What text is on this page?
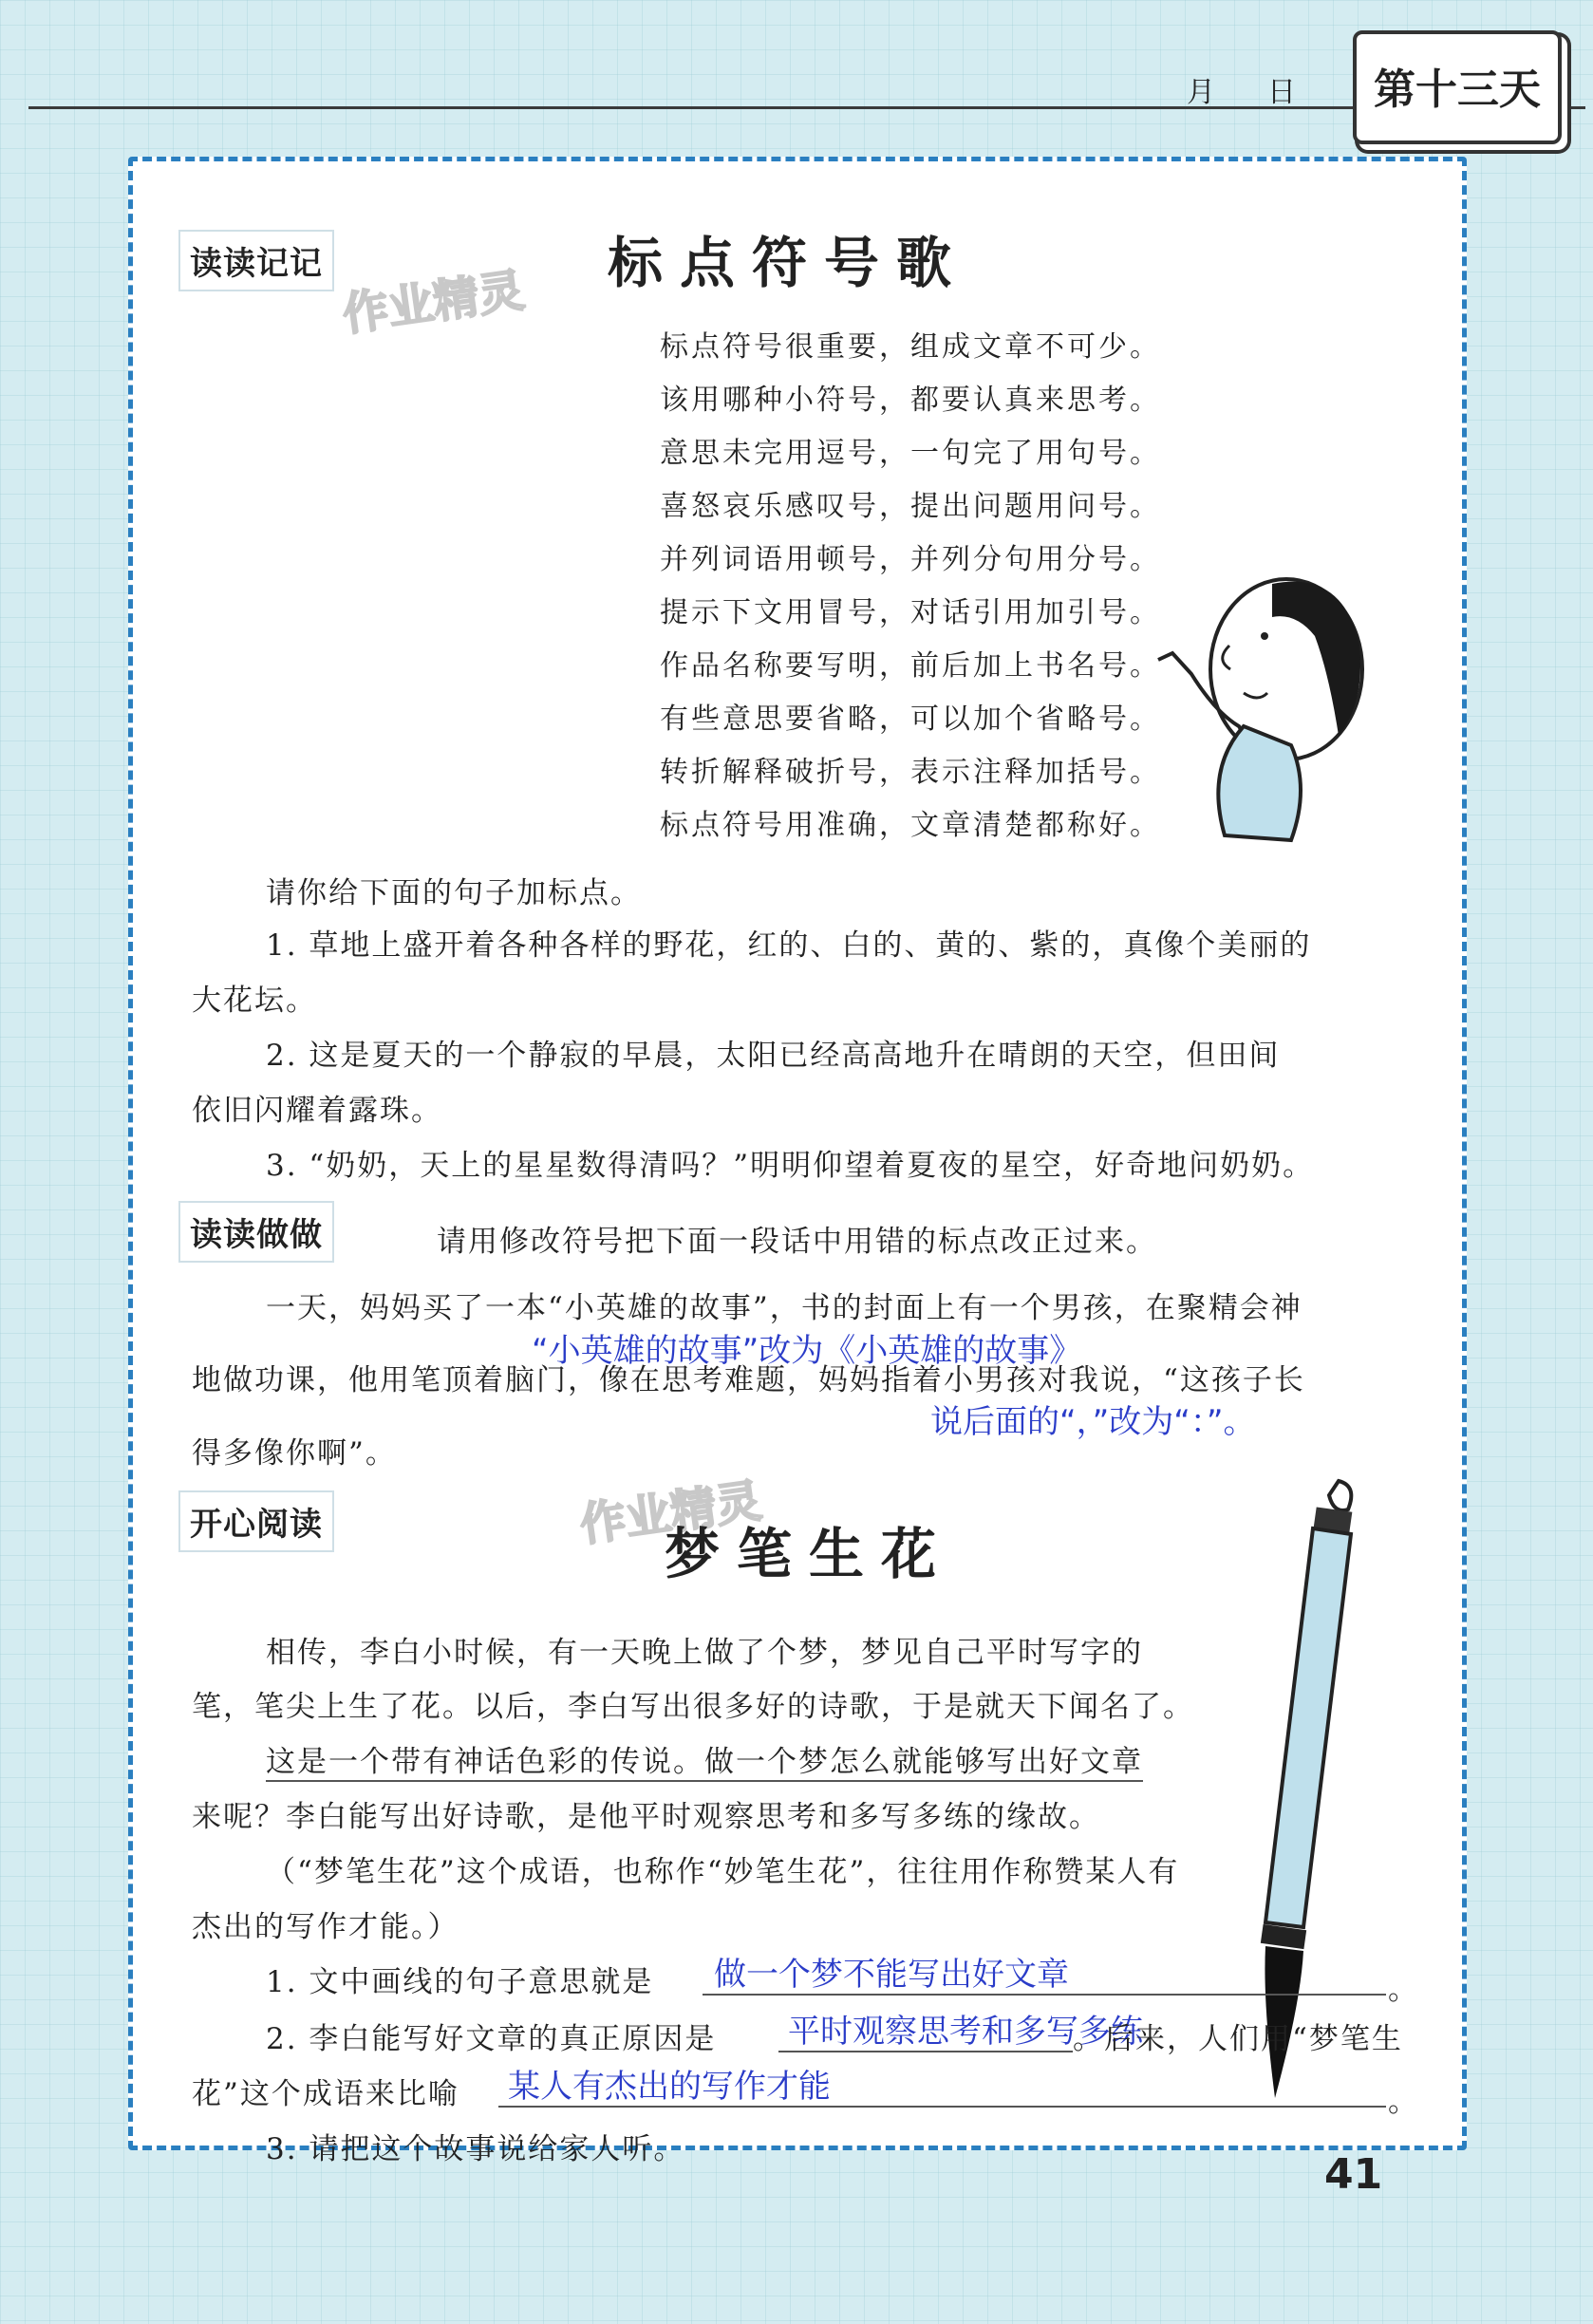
月 日	第十三天
读读记记	标点符号歌
作业精灵
标点符号很重要，组成文章不可少。
该用哪种小符号，都要认真来思考。
意思未完用逗号，一句完了用句号。
喜怒哀乐感叹号，提出问题用问号。
并列词语用顿号，并列分句用分号。
提示下文用冒号，对话引用加引号。
作品名称要写明，前后加上书名号。
有些意思要省略，可以加个省略号。
转折解释破折号，表示注释加括号。
标点符号用准确，文章清楚都称好。
请你给下面的句子加标点。
1. 草地上盛开着各种各样的野花，红的、白的、黄的、紫的，真像个美丽的
大花坛。
2. 这是夏天的一个静寂的早晨，太阳已经高高地升在晴朗的天空，但田间
依旧闪耀着露珠。
3. “奶奶，天上的星星数得清吗？”明明仰望着夏夜的星空，好奇地问奶奶。
读读做做	请用修改符号把下面一段话中用错的标点改正过来。
一天，妈妈买了一本“小英雄的故事”，书的封面上有一个男孩，在聚精会神
“小英雄的故事”改为《小英雄的故事》
地做功课，他用笔顶着脑门，像在思考难题，妈妈指着小男孩对我说，“这孩子长
说后面的“，”改为“：”。
得多像你啊”。
开心阅读	作业精灵
梦笔生花
相传，李白小时候，有一天晚上做了个梦，梦见自己平时写字的
笔，笔尖上生了花。以后，李白写出很多好的诗歌，于是就天下闻名了。
这是一个带有神话色彩的传说。做一个梦怎么就能够写出好文章
来呢？李白能写出好诗歌，是他平时观察思考和多写多练的缘故。
（“梦笔生花”这个成语，也称作“妙笔生花”，往往用作称赞某人有
杰出的写作才能。）
1. 文中画线的句子意思就是 做一个梦不能写出好文章	。
2. 李白能写好文章的真正原因是 平时观察思考和多写多练
。后来，人们用“梦笔生
花”这个成语来比喻 某人有杰出的写作才能	。
3. 请把这个故事说给家人听。
41
